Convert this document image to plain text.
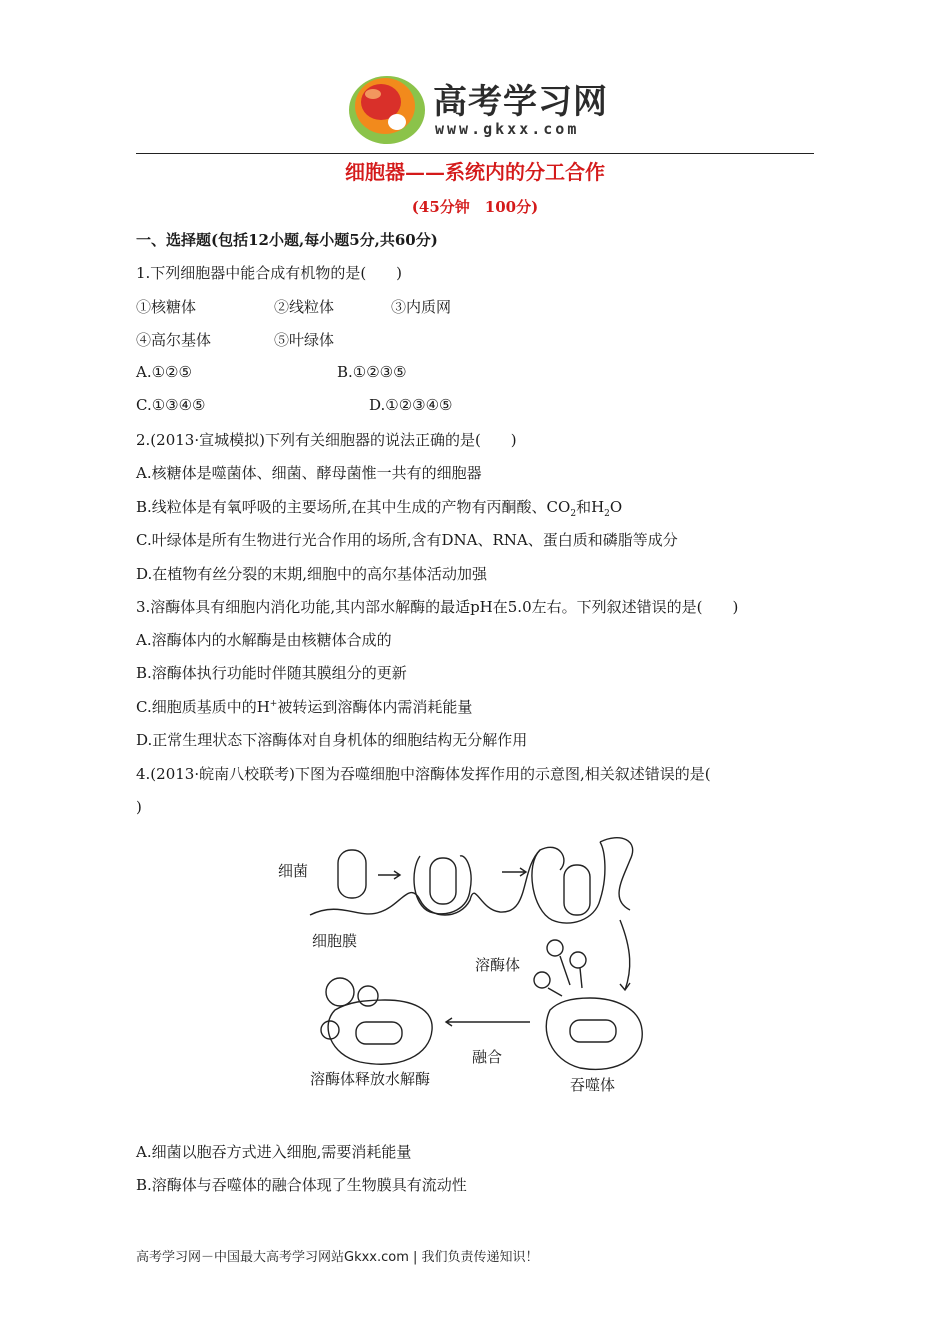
高考学习网
www.gkxx.com
细胞器——系统内的分工合作
(45分钟　100分)
一、选择题(包括12小题,每小题5分,共60分)
1.下列细胞器中能合成有机物的是(　　)
①核糖体	②线粒体	③内质网
④高尔基体	⑤叶绿体
A.①②⑤	B.①②③⑤
C.①③④⑤	D.①②③④⑤
2.(2013·宣城模拟)下列有关细胞器的说法正确的是(　　)
A.核糖体是噬菌体、细菌、酵母菌惟一共有的细胞器
B.线粒体是有氧呼吸的主要场所,在其中生成的产物有丙酮酸、$CO_2$和$H_2O$
C.叶绿体是所有生物进行光合作用的场所,含有DNA、RNA、蛋白质和磷脂等成分
D.在植物有丝分裂的末期,细胞中的高尔基体活动加强
3.溶酶体具有细胞内消化功能,其内部水解酶的最适pH在5.0左右。下列叙述错误的是(　　)
A.溶酶体内的水解酶是由核糖体合成的
B.溶酶体执行功能时伴随其膜组分的更新
C.细胞质基质中的H+被转运到溶酶体内需消耗能量
D.正常生理状态下溶酶体对自身机体的细胞结构无分解作用
4.(2013·皖南八校联考)下图为吞噬细胞中溶酶体发挥作用的示意图,相关叙述错误的是(
)
细菌
细胞膜
溶酶体
融合
溶酶体释放水解酶	吞噬体
A.细菌以胞吞方式进入细胞,需要消耗能量
B.溶酶体与吞噬体的融合体现了生物膜具有流动性
高考学习网－中国最大高考学习网站Gkxx.com | 我们负责传递知识！
